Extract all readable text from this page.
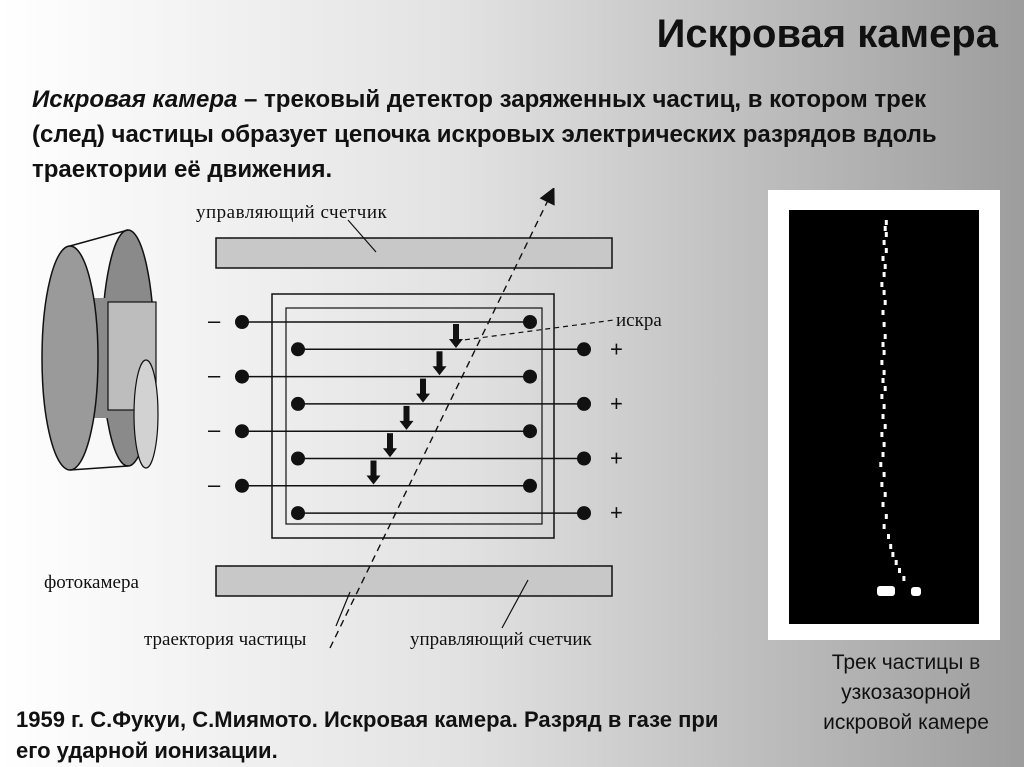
Искровая камера
Искровая камера – трековый детектор заряженных частиц, в котором трек (след) частицы образует цепочка искровых электрических разрядов вдоль траектории её движения.
–
+
–
+
–
+
–
+
управляющий счетчик
искра
фотокамера
траектория частицы	управляющий счетчик
Трек частицы в узкозазорной искровой камере
1959 г. С.Фукуи, С.Миямото. Искровая камера. Разряд в газе при его ударной ионизации.
